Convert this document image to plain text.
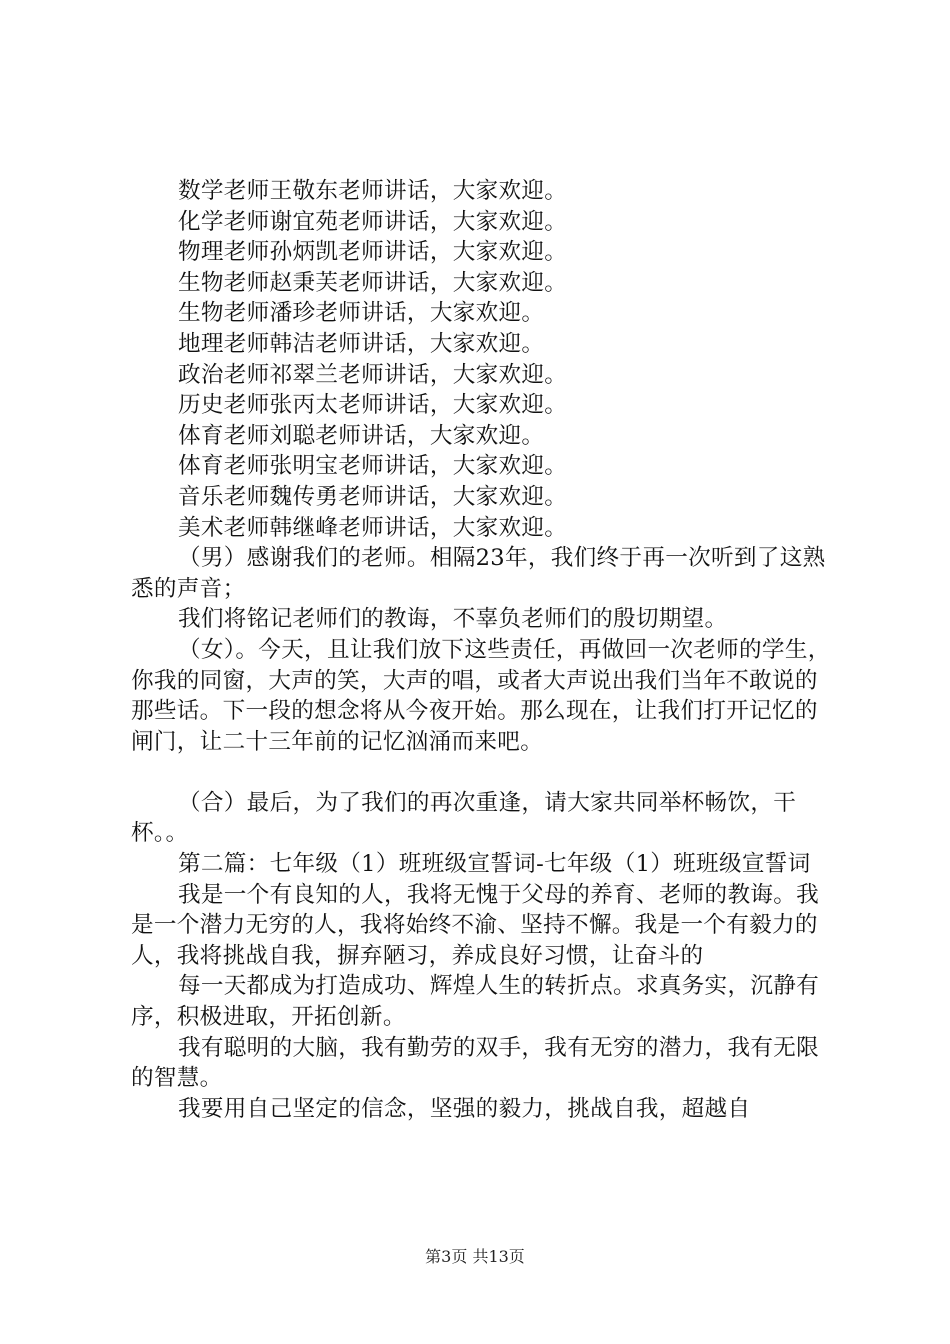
数学老师王敬东老师讲话，大家欢迎。

化学老师谢宜苑老师讲话，大家欢迎。

物理老师孙炳凯老师讲话，大家欢迎。

生物老师赵秉芙老师讲话，大家欢迎。

生物老师潘珍老师讲话，大家欢迎。

地理老师韩洁老师讲话，大家欢迎。

政治老师祁翠兰老师讲话，大家欢迎。

历史老师张丙太老师讲话，大家欢迎。

体育老师刘聪老师讲话，大家欢迎。

体育老师张明宝老师讲话，大家欢迎。

音乐老师魏传勇老师讲话，大家欢迎。

美术老师韩继峰老师讲话，大家欢迎。

（男）感谢我们的老师。相隔23年，我们终于再一次听到了这熟悉的声音；

我们将铭记老师们的教诲，不辜负老师们的殷切期望。

（女）。今天，且让我们放下这些责任，再做回一次老师的学生，你我的同窗，大声的笑，大声的唱，或者大声说出我们当年不敢说的那些话。下一段的想念将从今夜开始。那么现在，让我们打开记忆的闸门，让二十三年前的记忆汹涌而来吧。

（合）最后，为了我们的再次重逢，请大家共同举杯畅饮，干杯。。

第二篇：七年级（1）班班级宣誓词-七年级（1）班班级宣誓词

我是一个有良知的人，我将无愧于父母的养育、老师的教诲。我是一个潜力无穷的人，我将始终不渝、坚持不懈。我是一个有毅力的人，我将挑战自我，摒弃陋习，养成良好习惯，让奋斗的

每一天都成为打造成功、辉煌人生的转折点。求真务实，沉静有序，积极进取，开拓创新。

我有聪明的大脑，我有勤劳的双手，我有无穷的潜力，我有无限的智慧。

我要用自己坚定的信念，坚强的毅力，挑战自我，超越自

第3页 共13页
